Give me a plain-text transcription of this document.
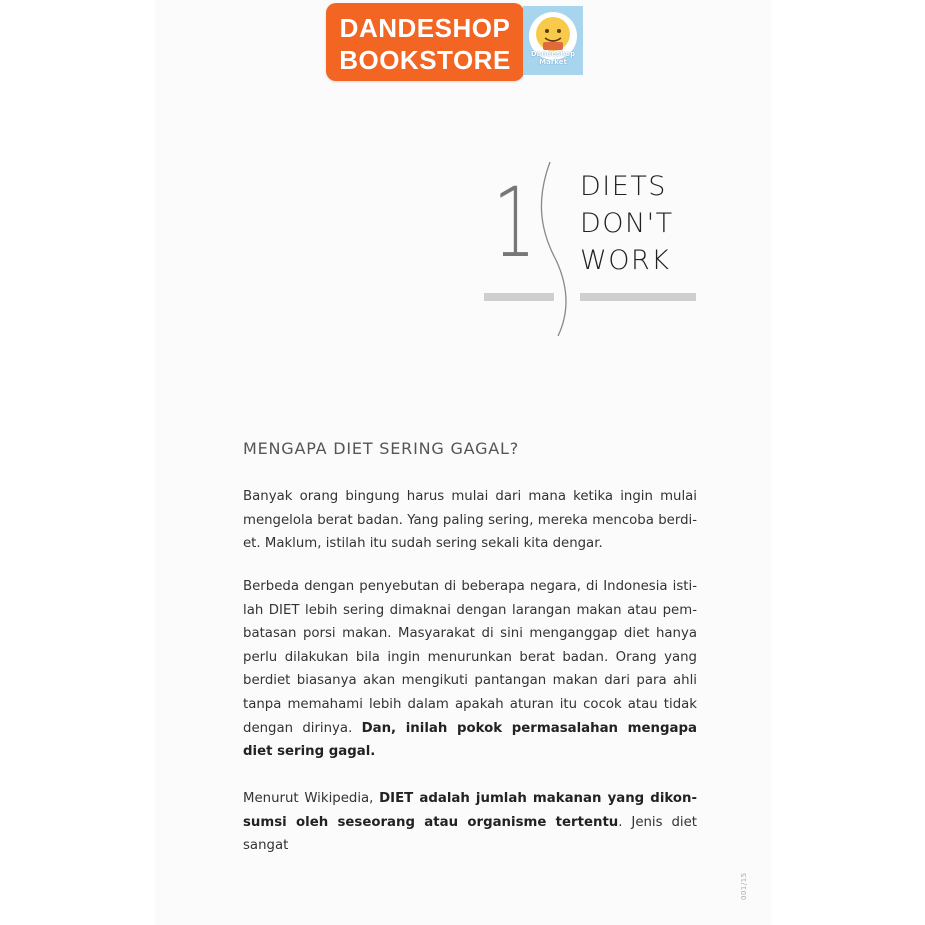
DANDESHOP
BOOKSTORE	Dandeshop
Market
1 DIETS
DON'T
WORK
MENGAPA DIET SERING GAGAL?
Banyak orang bingung harus mulai dari mana ketika ingin mulai mengelola berat badan. Yang paling sering, mereka mencoba berdi-et. Maklum, istilah itu sudah sering sekali kita dengar.
Berbeda dengan penyebutan di beberapa negara, di Indonesia isti-lah DIET lebih sering dimaknai dengan larangan makan atau pem-batasan porsi makan. Masyarakat di sini menganggap diet hanya perlu dilakukan bila ingin menurunkan berat badan. Orang yang berdiet biasanya akan mengikuti pantangan makan dari para ahli tanpa memahami lebih dalam apakah aturan itu cocok atau tidak dengan dirinya. Dan, inilah pokok permasalahan mengapa diet sering gagal.
Menurut Wikipedia, DIET adalah jumlah makanan yang dikon-sumsi oleh seseorang atau organisme tertentu. Jenis diet sangat
001/15
